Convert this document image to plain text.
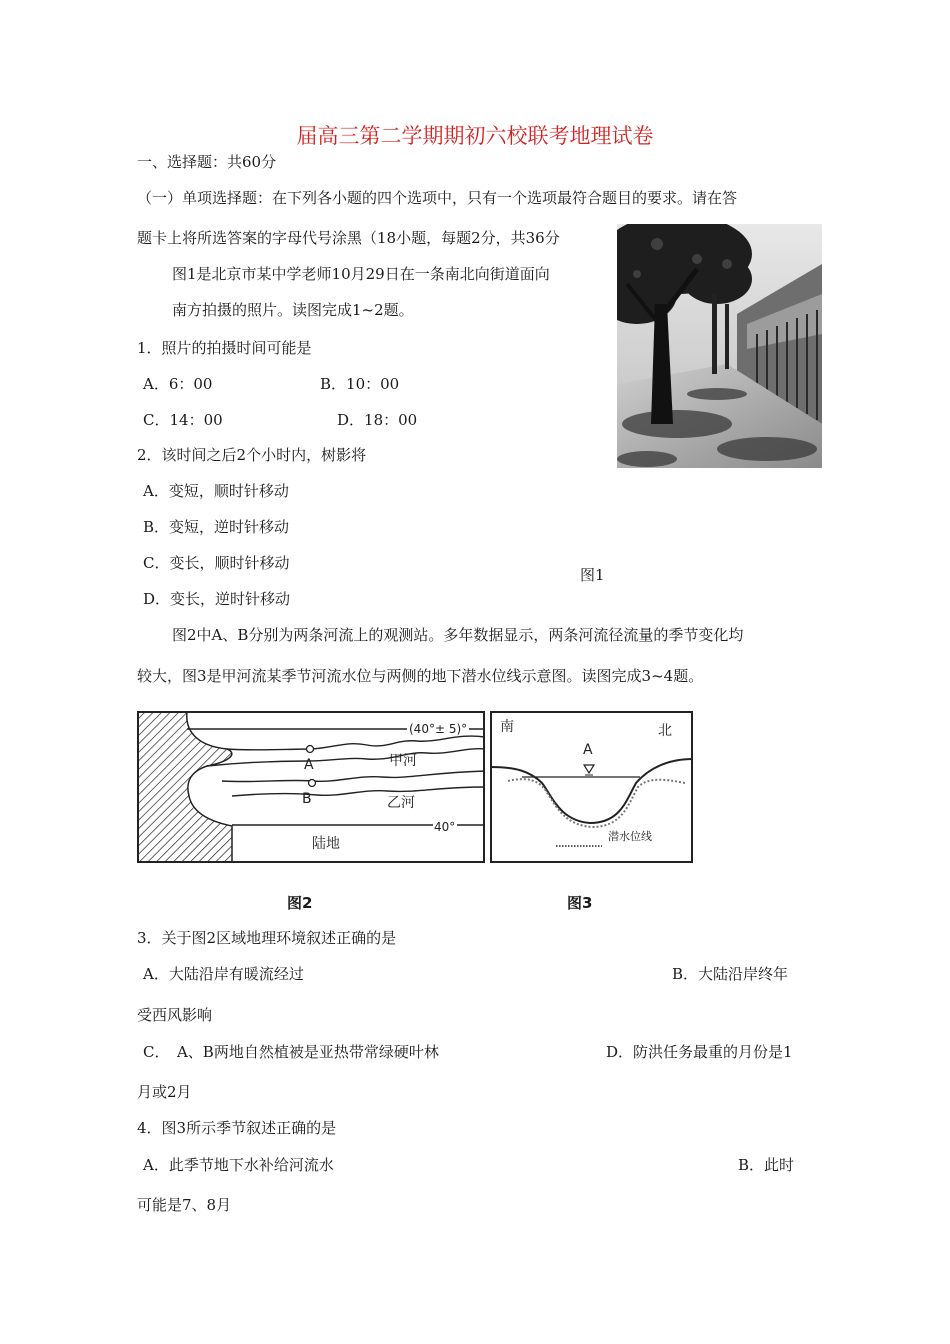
届高三第二学期期初六校联考地理试卷
一、选择题：共60分
（一）单项选择题：在下列各小题的四个选项中，只有一个选项最符合题目的要求。请在答
题卡上将所选答案的字母代号涂黑（18小题，每题2分，共36分
图1是北京市某中学老师10月29日在一条南北向街道面向
南方拍摄的照片。读图完成1~2题。
1．照片的拍摄时间可能是
A．6：00	B．10：00
C．14：00	D．18：00
2．该时间之后2个小时内，树影将
A．变短，顺时针移动
B．变短，逆时针移动
C．变长，顺时针移动
D．变长，逆时针移动
图1
图2中A、B分别为两条河流上的观测站。多年数据显示，两条河流径流量的季节变化均
较大，图3是甲河流某季节河流水位与两侧的地下潜水位线示意图。读图完成3~4题。
(40°± 5)°
40°
A
B
甲河
乙河
陆地
南	北
A
潜水位线
图2	图3
3．关于图2区域地理环境叙述正确的是
A．大陆沿岸有暖流经过	B．大陆沿岸终年
受西风影响
C．　A、B两地自然植被是亚热带常绿硬叶林	D．防洪任务最重的月份是1
月或2月
4．图3所示季节叙述正确的是
A．此季节地下水补给河流水	B．此时
可能是7、8月
